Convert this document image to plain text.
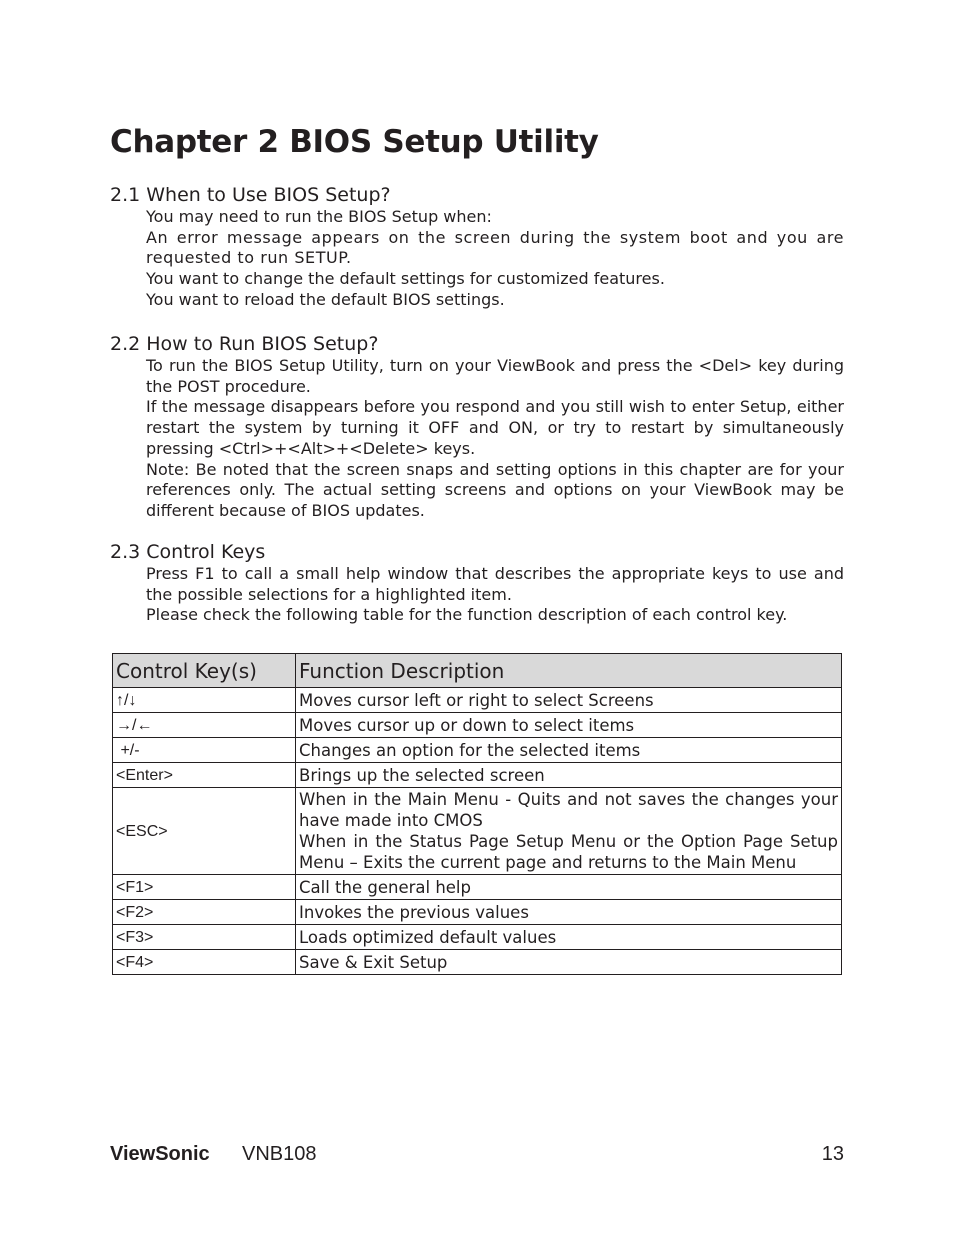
Chapter 2 BIOS Setup Utility
2.1 When to Use BIOS Setup?

You may need to run the BIOS Setup when:

An error message appears on the screen during the system boot and you are requested to run SETUP.

You want to change the default settings for customized features.

You want to reload the default BIOS settings.

2.2 How to Run BIOS Setup?

To run the BIOS Setup Utility, turn on your ViewBook and press the <Del> key during the POST procedure.

If the message disappears before you respond and you still wish to enter Setup, either restart the system by turning it OFF and ON, or try to restart by simultaneously pressing <Ctrl>+<Alt>+<Delete> keys.

Note: Be noted that the screen snaps and setting options in this chapter are for your references only. The actual setting screens and options on your ViewBook may be different because of BIOS updates.

2.3 Control Keys

Press F1 to call a small help window that describes the appropriate keys to use and the possible selections for a highlighted item.

Please check the following table for the function description of each control key.

Control Key(s)	Function Description
↑/↓	Moves cursor left or right to select Screens
→/←	Moves cursor up or down to select items
+/-	Changes an option for the selected items
<Enter>	Brings up the selected screen
<ESC>	When in the Main Menu - Quits and not saves the changes your have made into CMOS
When in the Status Page Setup Menu or the Option Page Setup Menu – Exits the current page and returns to the Main Menu

<F1>	Call the general help
<F2>	Invokes the previous values
<F3>	Loads optimized default values
<F4>	Save & Exit Setup
ViewSonic VNB108	13
